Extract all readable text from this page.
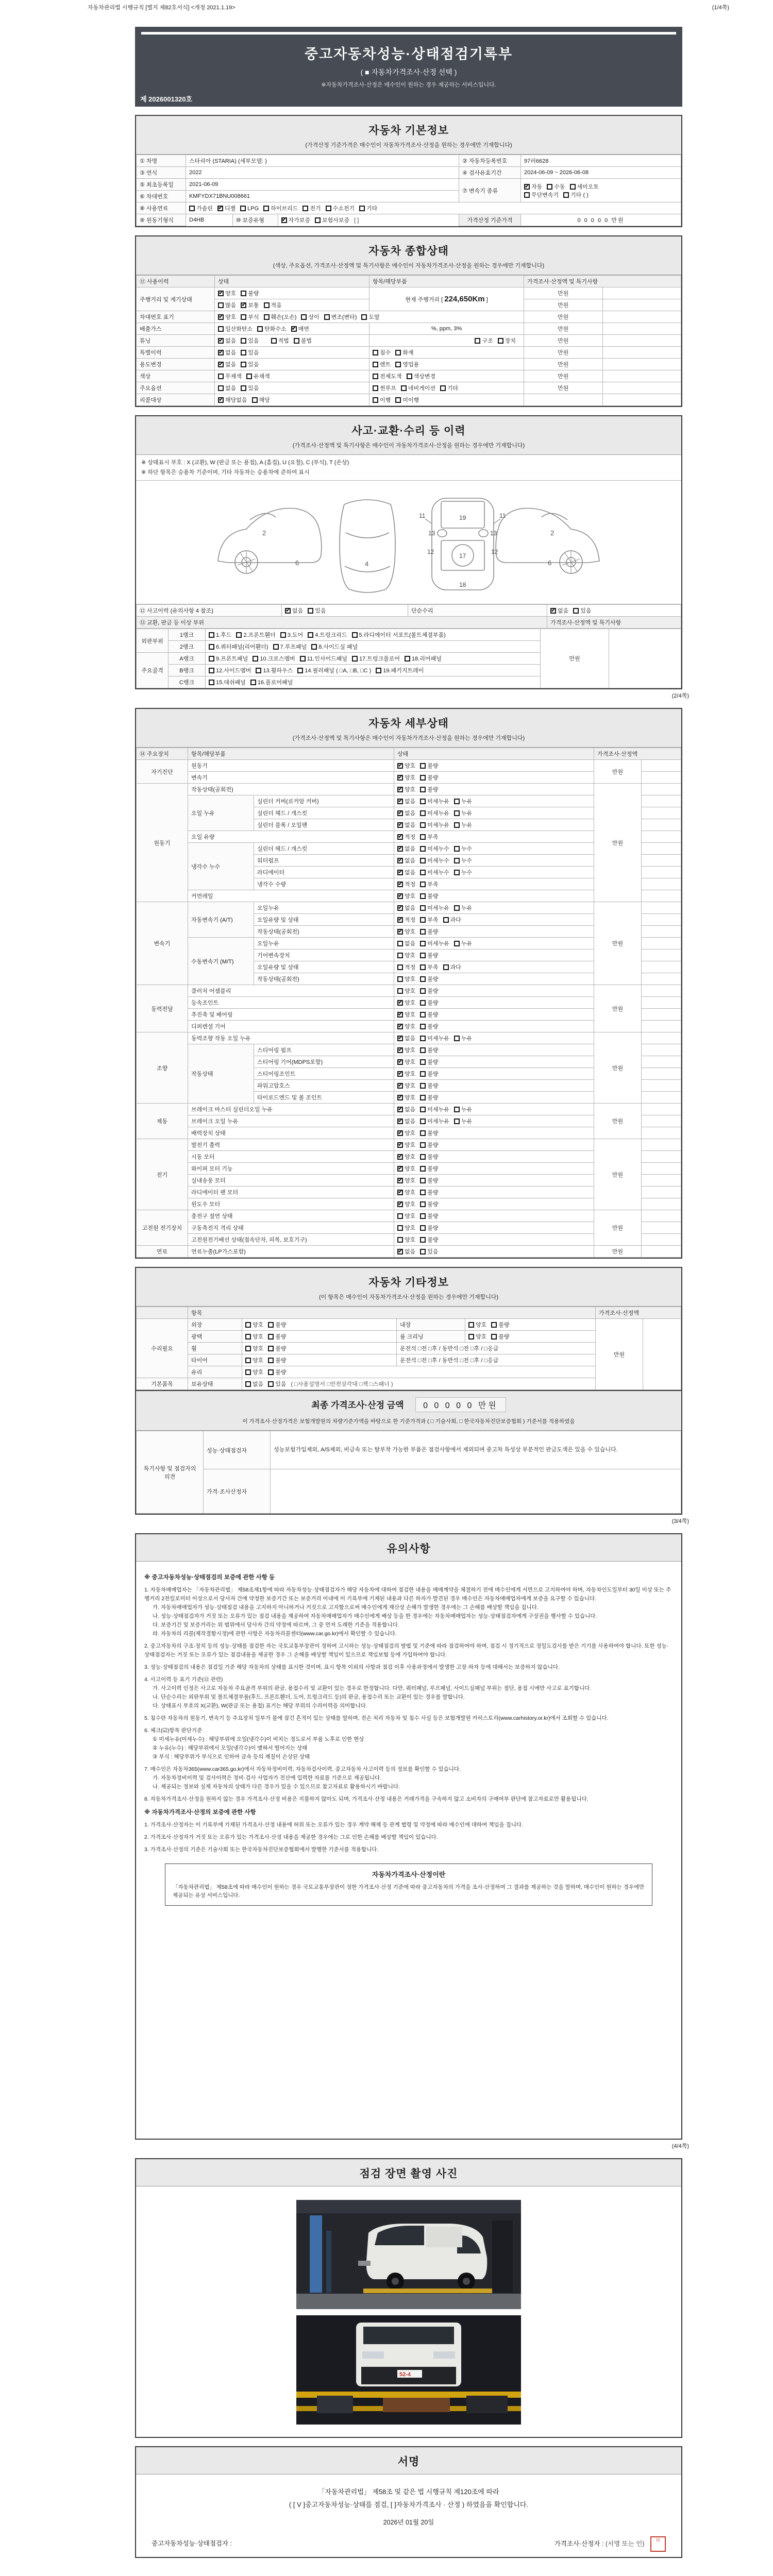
자동차관리법 시행규칙 [별지 제82호서식] <개정 2021.1.19>	(1/4쪽)
중고자동차성능·상태점검기록부
( ■ 자동차가격조사·산정 선택 )
※자동차가격조사·산정은 매수인이 원하는 경우 제공하는 서비스입니다.
제 2026001320호
자동차 기본정보
(가격산정 기준가격은 매수인이 자동차가격조사·산정을 원하는 경우에만 기재합니다)
① 차명	스타리아 (STARIA) (세부모델: )	② 자동차등록번호	97러6628
③ 연식	2022	④ 검사유효기간	2024-06-09 ~ 2026-06-08
⑤ 최초등록일	2021-06-09	⑦ 변속기 종류	
✔자동 수동 세미오토
무단변속기 기타 ( )

⑥ 차대번호	KMFYDX71BNU008661
⑧ 사용연료	가솔린 ✔ 디젤 LPG 하이브리드 전기 수소전기 기타
⑨ 원동기형식		D4HB	⑩ 보증유형	✔자가보증 보험사보증 [ ]
		가격산정 기준가격	0 0 0 0 0 만원
자동차 종합상태
(색상, 주요옵션, 가격조사·산정액 및 특기사항은 매수인이 자동차가격조사·산정을 원하는 경우에만 기재합니다)
⑪ 사용이력	상태	항목/해당부품	가격조사·산정액 및 특기사항	
주행거리 및 계기상태	✔양호 불량	현재 주행거리 [ 224,650Km ]	만원	
	많음 ✔ 보통 적음		만원	
차대번호 표기	✔양호 부식 훼손(오손) 상이 변조(변타) 도말		만원	
배출가스	일산화탄소 탄화수소 ✔ 매연	%, ppm, 3%	만원	
튜닝	✔없음 있음 적법 불법	구조 장치	만원	
특별이력	✔없음 있음	침수 화재	만원	
용도변경	✔없음 있음	렌트 영업용	만원	
색상	무채색 유채색	전체도색 색상변경	만원	
주요옵션	없음 있음	썬루프 네비게이션 기타	만원	
리콜대상	✔해당없음 해당	이행 미이행		
사고·교환·수리 등 이력
(가격조사·산정액 및 특기사항은 매수인이 자동차가격조사·산정을 원하는 경우에만 기재합니다)
※ 상태표시 부호 : X (교환), W (판금 또는 용접), A (흠집), U (요철), C (부식), T (손상)
※ 하단 항목은 승용차 기준이며, 기타 자동차는 승용차에 준하여 표시
2
6	4
11	11
13	13
19
12	12
17
18
6
2
⑫ 사고이력 (유의사항 4 참조)	✔없음 있음	단순수리	✔없음 있음
⑬ 교환, 판금 등 이상 부위			가격조사·산정액 및 특기사항
외판부위	1랭크	1.후드 2.프론트휀더 3.도어 4.트렁크리드 5.라디에이터 서포트(볼트체결부품)	만원	
	2랭크	6.쿼터패널(리어휀더) 7.루프패널 8.사이드실 패널		
주요골격	A랭크	9.프론트패널 10.크로스멤버 11.인사이드패널 17.트렁크플로어 18.리어패널		
	B랭크	12.사이드멤버 13.휠하우스 14.필러패널 ( □A, □B, □C ) 19.패키지트레이		
	C랭크	15.대쉬패널 16.플로어패널		
(2/4쪽)
자동차 세부상태
(가격조사·산정액 및 특기사항은 매수인이 자동차가격조사·산정을 원하는 경우에만 기재합니다)
⑭ 주요장치	항목/해당부품		상태	가격조사·산정액	
자기진단	원동기	✔양호 불량	만원	
	변속기	✔양호 불량	
원동기	작동상태(공회전)	✔양호 불량	만원	
	오일 누유	실린더 커버(로커암 커버)	✔없음 미세누유 누유	
		실린더 헤드 / 개스킷	✔없음 미세누유 누유	
		실린더 블록 / 오일팬	✔없음 미세누유 누유	
	오일 유량	✔적정 부족	
	냉각수 누수	실린더 헤드 / 개스킷	✔없음 미세누수 누수	
		워터펌프	✔없음 미세누수 누수	
		라디에이터	✔없음 미세누수 누수	
		냉각수 수량	✔적정 부족	
	커먼레일	✔양호 불량	
변속기	자동변속기 (A/T)	오일누유	✔없음 미세누유 누유	만원	
		오일유량 및 상태	✔적정 부족 과다	
		작동상태(공회전)	✔양호 불량	
	수동변속기 (M/T)	오일누유	없음 미세누유 누유		
		기어변속장치	양호 불량		
		오일유량 및 상태	적정 부족 과다		
		작동상태(공회전)	양호 불량		
동력전달	클러치 어셈블리		양호 불량	만원	
	등속조인트	✔양호 불량	
	추진축 및 베어링	✔양호 불량	
	디퍼렌셜 기어	✔양호 불량	
조향	동력조향 작동 오일 누유	✔없음 미세누유 누유	만원	
	작동상태	스티어링 펌프	✔양호 불량	
		스티어링 기어(MDPS포함)	✔양호 불량	
		스티어링조인트	✔양호 불량	
		파워고압호스	✔양호 불량	
		타이로드엔드 및 볼 조인트	✔양호 불량	
제동	브레이크 마스터 실린더오일 누유	✔없음 미세누유 누유	만원	
	브레이크 오일 누유	✔없음 미세누유 누유	
	배력장치 상태	✔양호 불량	
전기	발전기 출력	✔양호 불량	만원	
	시동 모터	✔양호 불량	
	와이퍼 모터 기능	✔양호 불량	
	실내송풍 모터	✔양호 불량	
	라디에이터 팬 모터	✔양호 불량	
	윈도우 모터	✔양호 불량	
고전원 전기장치	충전구 절연 상태		양호 불량	만원	
	구동축전지 격리 상태		양호 불량		
	고전원전기배선 상태(접속단자, 피복, 보호기구)		양호 불량		
연료	연료누출(LP가스포함)	✔없음 있음	만원	
자동차 기타정보
(이 항목은 매수인이 자동차가격조사·산정을 원하는 경우에만 기재합니다)
	항목				가격조사·산정액	
수리필요	외장	양호 불량	내장	양호 불량	만원	
	광택	양호 불량	룸 크리닝	양호 불량		
	휠	양호 불량	운전석 □전 □후 / 동반석 □전 □후 / □응급			
	타이어	양호 불량	운전석 □전 □후 / 동반석 □전 □후 / □응급			
	유리	양호 불량				
기본품목	보유상태	없음 있음 ( □사용설명서 □안전삼각대 □잭 □스패너 )				
최종 가격조사·산정 금액 0 0 0 0 0 만원
이 가격조사·산정가격은 보험개발원의 차량기준가액을 바탕으로 한 기준가격과 ( □ 기술사회, □ 한국자동차진단보증협회 ) 기준서를 적용하였음
특기사항 및 점검자의 의견	성능·상태점검자	성능보험가입제외, A/S제외, 비금속 또는 탈부착 가능한 부품은 점검사항에서 제외되며 중고차 특성상 부분적인 판금도색은 있을 수 있습니다.
	가격·조사산정자	
(3/4쪽)
유의사항
※ 중고자동차성능·상태점검의 보증에 관한 사항 등
1. 자동차매매업자는 「자동차관리법」 제58조제1항에 따라 자동차성능·상태점검자가 해당 자동차에 대하여 점검한 내용을 매매계약을 체결하기 전에 매수인에게 서면으로 고지하여야 하며, 자동차인도일부터 30일 이상 또는 주행거리 2천킬로미터 이상으로서 당사자 간에 약정한 보증기간 또는 보증거리 이내에 이 기록부에 기재된 내용과 다른 하자가 발견된 경우 매수인은 자동차매매업자에게 보증을 요구할 수 있습니다.
가. 자동차매매업자가 성능·상태점검 내용을 고지하지 아니하거나 거짓으로 고지함으로써 매수인에게 재산상 손해가 발생한 경우에는 그 손해를 배상할 책임을 집니다.
나. 성능·상태점검자가 거짓 또는 오류가 있는 점검 내용을 제공하여 자동차매매업자가 매수인에게 배상 등을 한 경우에는 자동차매매업자는 성능·상태점검자에게 구상권을 행사할 수 있습니다.
다. 보증기간 및 보증거리는 위 범위에서 당사자 간의 약정에 따르며, 그 중 먼저 도래한 기준을 적용합니다.
라. 자동차의 리콜(제작결함시정)에 관한 사항은 자동차리콜센터(www.car.go.kr)에서 확인할 수 있습니다.
2. 중고자동차의 구조·장치 등의 성능·상태를 점검한 자는 국토교통부장관이 정하여 고시하는 성능·상태점검의 방법 및 기준에 따라 점검하여야 하며, 점검 시 정기적으로 정밀도검사를 받은 기기를 사용하여야 합니다. 또한 성능·상태점검자는 거짓 또는 오류가 있는 점검내용을 제공한 경우 그 손해를 배상할 책임이 있으므로 책임보험 등에 가입하여야 합니다.
3. 성능·상태점검의 내용은 점검일 기준 해당 자동차의 상태를 표시한 것이며, 표시 항목 이외의 사항과 점검 이후 사용과정에서 발생한 고장·하자 등에 대해서는 보증하지 않습니다.
4. 사고이력 등 표기 기준(⑫ 관련)
가. 사고이력 인정은 사고로 자동차 주요골격 부위의 판금, 용접수리 및 교환이 있는 경우로 한정합니다. 다만, 쿼터패널, 루프패널, 사이드실패널 부위는 절단, 용접 시에만 사고로 표기합니다.
나. 단순수리는 외판부위 및 볼트체결부품(후드, 프론트휀더, 도어, 트렁크리드 등)의 판금, 용접수리 또는 교환이 있는 경우를 말합니다.
다. 상태표시 부호의 X(교환), W(판금 또는 용접) 표기는 해당 부위의 수리이력을 의미합니다.
5. 침수란 자동차의 원동기, 변속기 등 주요장치 일부가 물에 잠긴 흔적이 있는 상태를 말하며, 전손 처리 자동차 및 침수 사실 등은 보험개발원 카히스토리(www.carhistory.or.kr)에서 조회할 수 있습니다.
6. 체크(☑)항목 판단기준
① 미세누유(미세누수) : 해당부위에 오일(냉각수)이 비치는 정도로서 부품 노후로 인한 현상
② 누유(누수) : 해당부위에서 오일(냉각수)이 맺혀서 떨어지는 상태
③ 부식 : 해당부위가 부식으로 인하여 금속 등의 재질이 손상된 상태
7. 매수인은 자동차365(www.car365.go.kr)에서 자동차정비이력, 자동차검사이력, 중고자동차 사고이력 등의 정보를 확인할 수 있습니다.
가. 자동차정비이력 및 검사이력은 정비·검사 사업자가 전산에 입력한 자료를 기준으로 제공됩니다.
나. 제공되는 정보와 실제 자동차의 상태가 다른 경우가 있을 수 있으므로 참고자료로 활용하시기 바랍니다.
8. 자동차가격조사·산정을 원하지 않는 경우 가격조사·산정 비용은 지불하지 않아도 되며, 가격조사·산정 내용은 거래가격을 구속하지 않고 소비자의 구매여부 판단에 참고자료로만 활용됩니다.
※ 자동차가격조사·산정의 보증에 관한 사항
1. 가격조사·산정자는 이 기록부에 기재된 가격조사·산정 내용에 허위 또는 오류가 있는 경우 계약 해제 등 관계 법령 및 약정에 따라 매수인에 대하여 책임을 집니다.
2. 가격조사·산정자가 거짓 또는 오류가 있는 가격조사·산정 내용을 제공한 경우에는 그로 인한 손해를 배상할 책임이 있습니다.
3. 가격조사·산정의 기준은 기술사회 또는 한국자동차진단보증협회에서 발행한 기준서를 적용합니다.
자동차가격조사·산정이란
「자동차관리법」 제58조에 따라 매수인이 원하는 경우 국토교통부장관이 정한 가격조사·산정 기준에 따라 중고자동차의 가격을 조사·산정하여 그 결과를 제공하는 것을 말하며, 매수인이 원하는 경우에만 제공되는 유상 서비스입니다.
(4/4쪽)
점검 장면 촬영 사진
52-4
서명
「자동차관리법」 제58조 및 같은 법 시행규칙 제120조에 따라
( [ V ]중고자동차성능·상태를 점검, [ ]자동차가격조사 · 산정 ) 하였음을 확인합니다.
2026년 01월 20일
중고자동차성능·상태점검자 :	가격조사·산정자 : (서명 또는 인)	印
